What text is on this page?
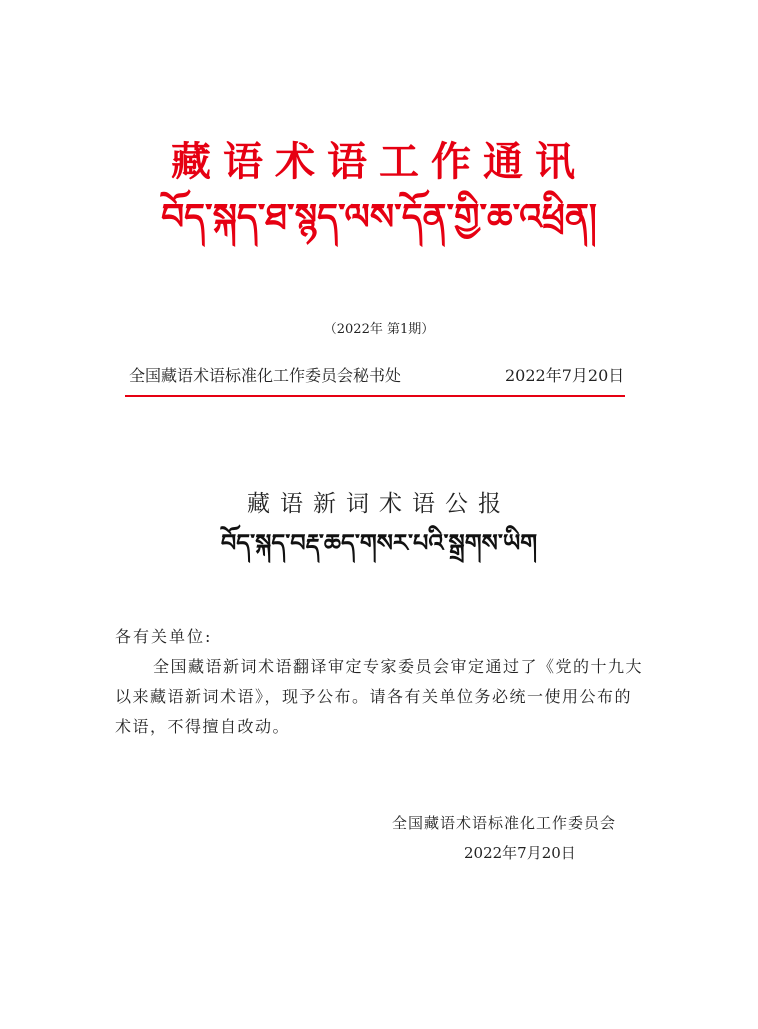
藏语术语工作通讯
བོད་སྐད་ཐ་སྙད་ལས་དོན་གྱི་ཆ་འཕྲིན།
（2022年 第1期）
全国藏语术语标准化工作委员会秘书处	2022年7月20日
藏语新词术语公报
བོད་སྐད་བརྡ་ཆད་གསར་པའི་སྒྲགས་ཡིག
各有关单位:
全国藏语新词术语翻译审定专家委员会审定通过了《党的十九大以来藏语新词术语》，现予公布。请各有关单位务必统一使用公布的术语，不得擅自改动。
全国藏语术语标准化工作委员会
2022年7月20日
